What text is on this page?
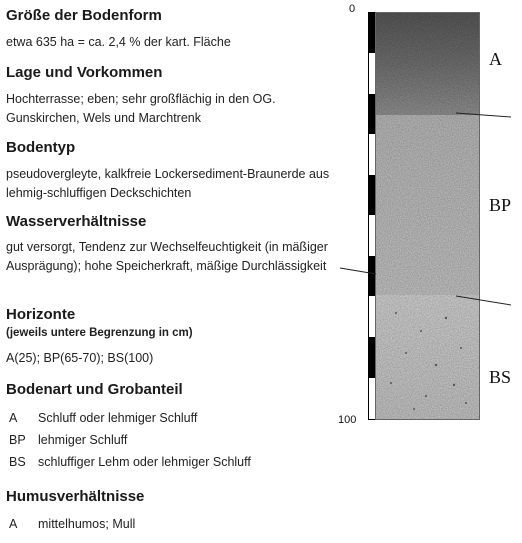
Größe der Bodenform
etwa 635 ha = ca. 2,4 % der kart. Fläche
Lage und Vorkommen
Hochterrasse; eben; sehr großflächig in den OG. Gunskirchen, Wels und Marchtrenk
Bodentyp
pseudovergleyte, kalkfreie Lockersediment-Braunerde aus lehmig-schluffigen Deckschichten
Wasserverhältnisse
gut versorgt, Tendenz zur Wechselfeuchtigkeit (in mäßiger Ausprägung); hohe Speicherkraft, mäßige Durchlässigkeit
Horizonte
(jeweils untere Begrenzung in cm)
A(25); BP(65-70); BS(100)
Bodenart und Grobanteil
A Schluff oder lehmiger Schluff
BP lehmiger Schluff
BS schluffiger Lehm oder lehmiger Schluff
Humusverhältnisse
A mittelhumos; Mull
0
100
A
BP
BS
